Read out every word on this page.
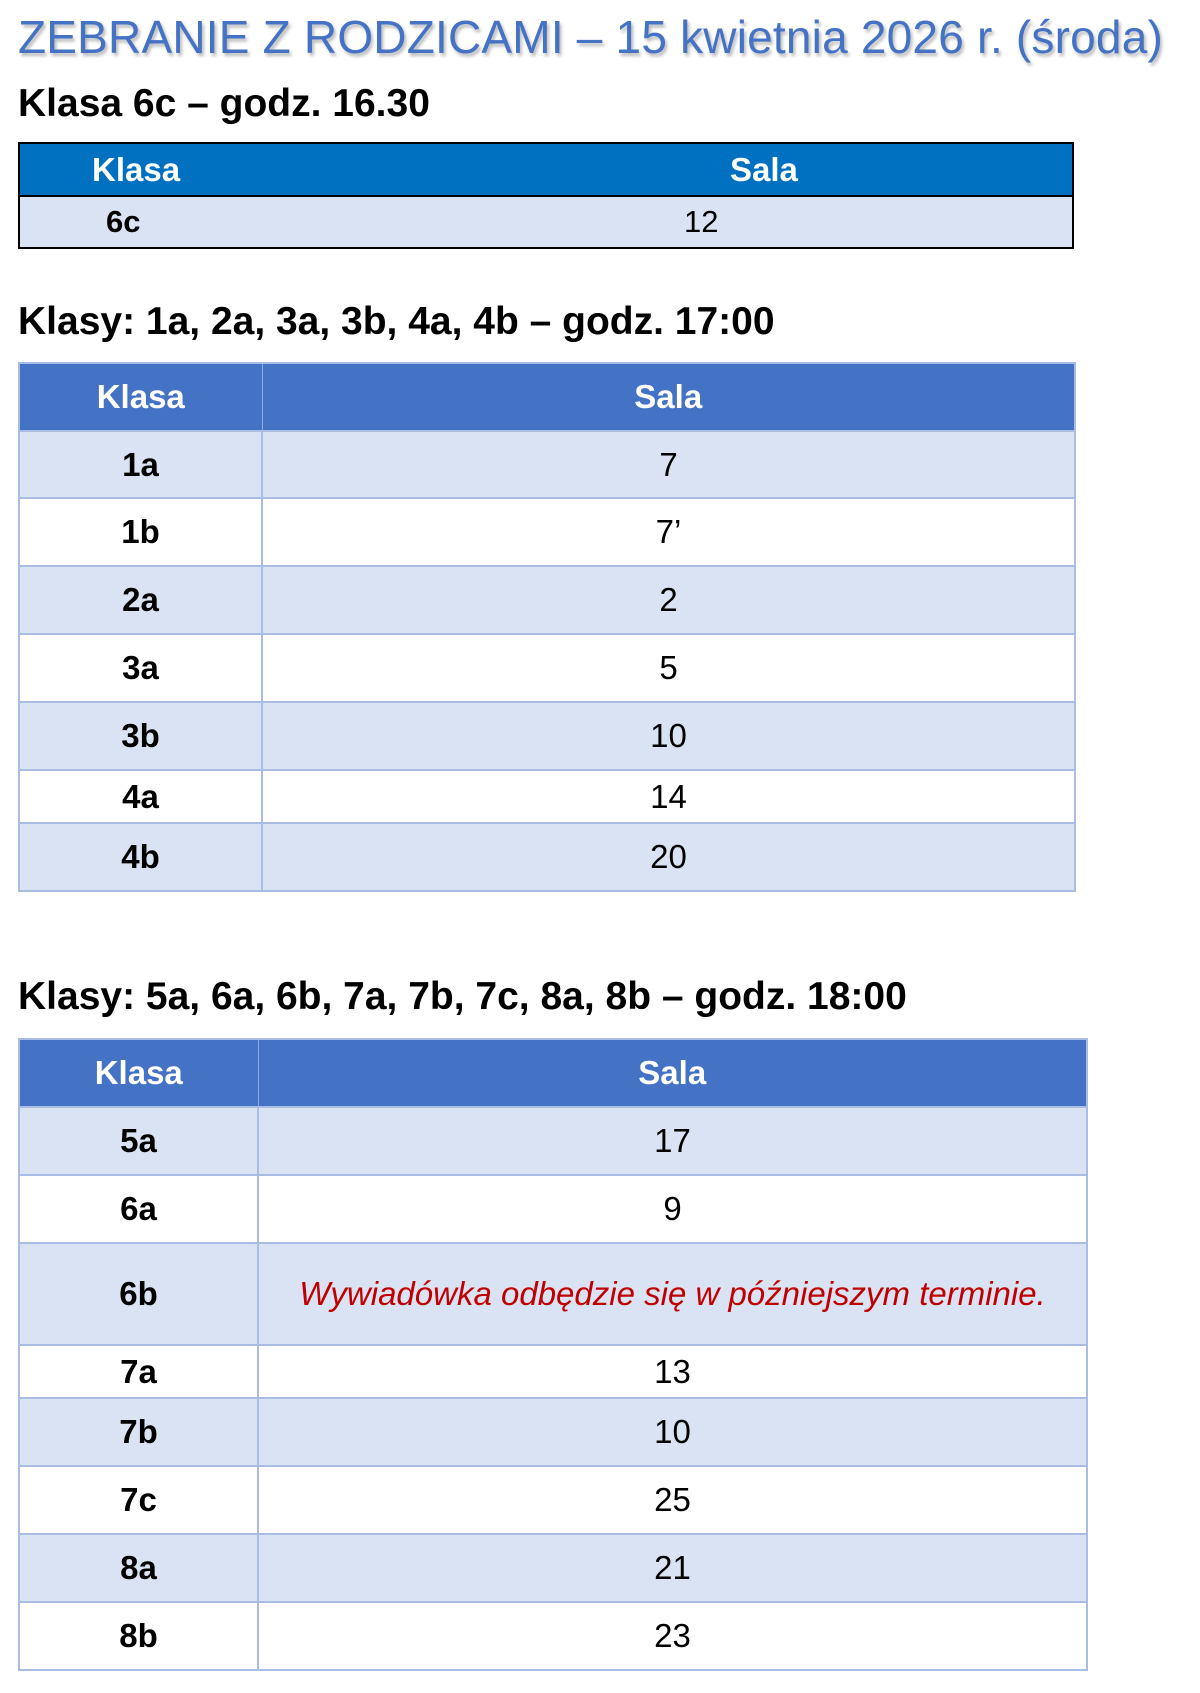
ZEBRANIE Z RODZICAMI – 15 kwietnia 2026 r. (środa)
Klasa 6c – godz. 16.30
Klasa	Sala
6c	12
Klasy: 1a, 2a, 3a, 3b, 4a, 4b – godz. 17:00
Klasa	Sala
1a	7
1b	7’
2a	2
3a	5
3b	10
4a	14
4b	20
Klasy: 5a, 6a, 6b, 7a, 7b, 7c, 8a, 8b – godz. 18:00
Klasa	Sala
5a	17
6a	9
6b	Wywiadówka odbędzie się w późniejszym terminie.
7a	13
7b	10
7c	25
8a	21
8b	23
